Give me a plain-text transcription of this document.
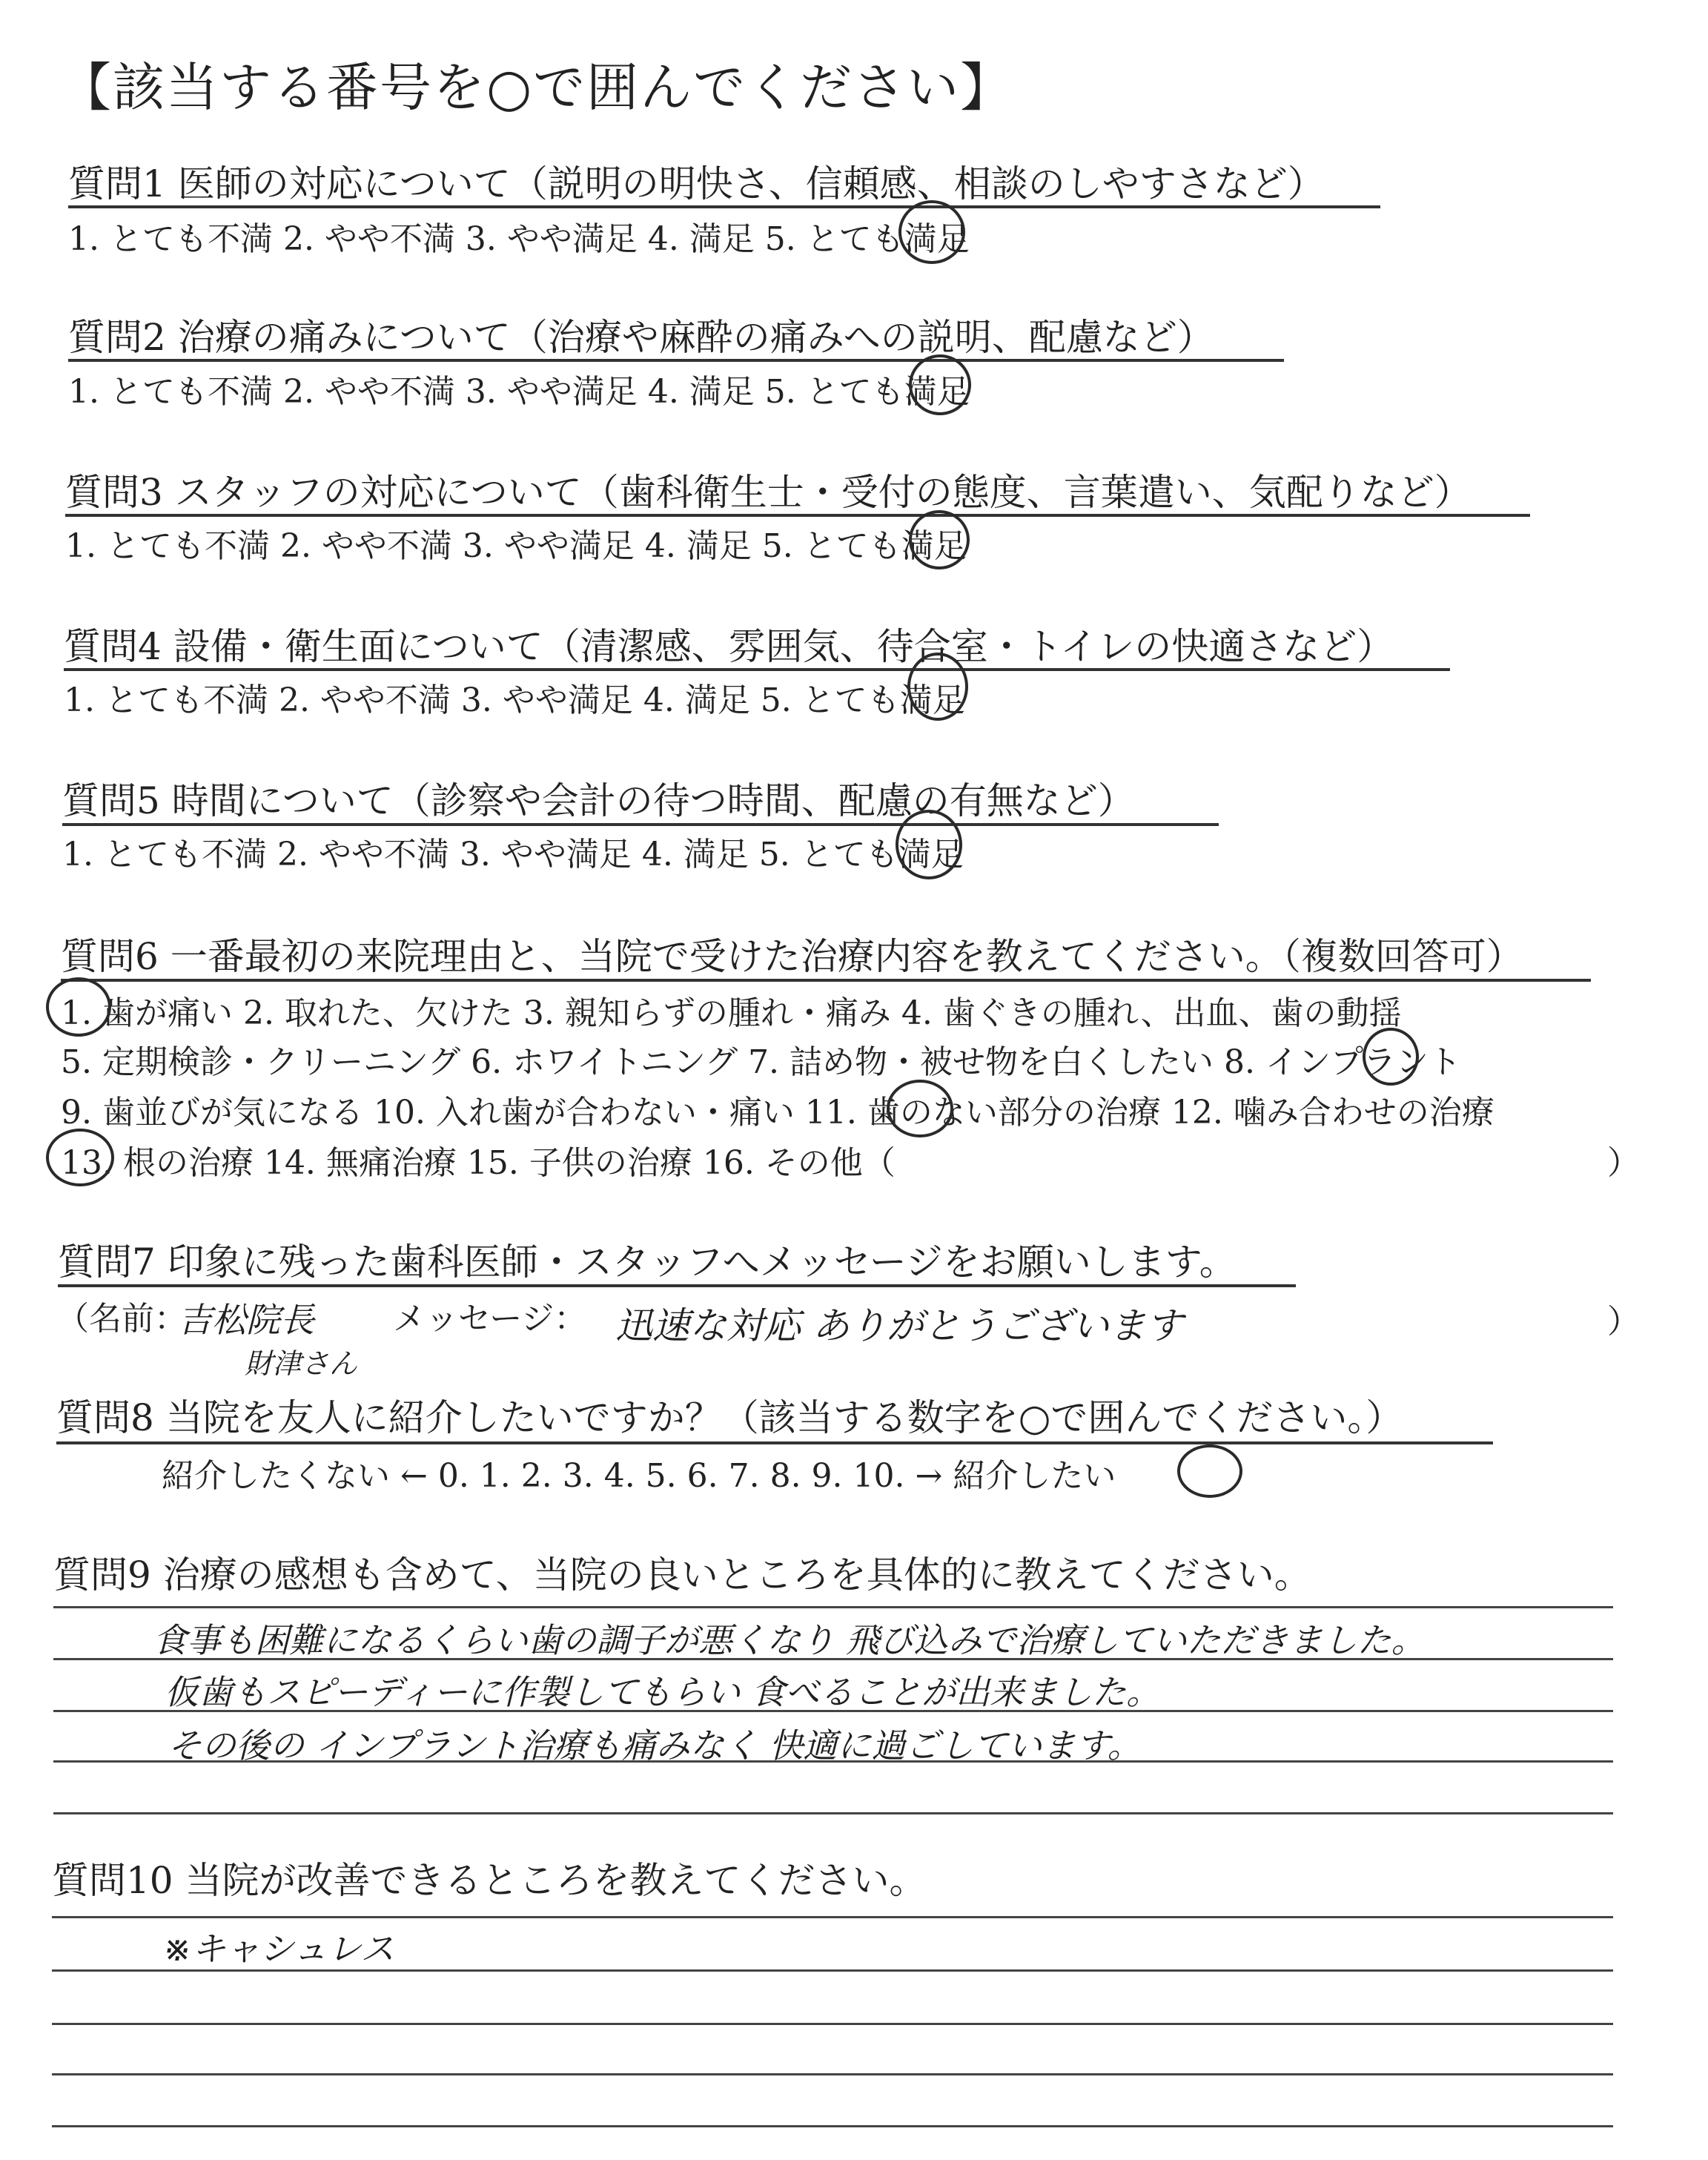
【該当する番号を○で囲んでください】
質問1 医師の対応について（説明の明快さ、信頼感、相談のしやすさなど）
1. とても不満 2. やや不満 3. やや満足 4. 満足 5. とても満足
質問2 治療の痛みについて（治療や麻酔の痛みへの説明、配慮など）
1. とても不満 2. やや不満 3. やや満足 4. 満足 5. とても満足
質問3 スタッフの対応について（歯科衛生士・受付の態度、言葉遣い、気配りなど）
1. とても不満 2. やや不満 3. やや満足 4. 満足 5. とても満足
質問4 設備・衛生面について（清潔感、雰囲気、待合室・トイレの快適さなど）
1. とても不満 2. やや不満 3. やや満足 4. 満足 5. とても満足
質問5 時間について（診察や会計の待つ時間、配慮の有無など）
1. とても不満 2. やや不満 3. やや満足 4. 満足 5. とても満足
質問6 一番最初の来院理由と、当院で受けた治療内容を教えてください。（複数回答可）
1. 歯が痛い 2. 取れた、欠けた 3. 親知らずの腫れ・痛み 4. 歯ぐきの腫れ、出血、歯の動揺
5. 定期検診・クリーニング 6. ホワイトニング 7. 詰め物・被せ物を白くしたい 8. インプラント
9. 歯並びが気になる 10. 入れ歯が合わない・痛い 11. 歯のない部分の治療 12. 噛み合わせの治療
13. 根の治療 14. 無痛治療 15. 子供の治療 16. その他（	）
質問7 印象に残った歯科医師・スタッフへメッセージをお願いします。
（名前：
吉松院長
財津さん
メッセージ： 迅速な対応 ありがとうございます	）
質問8 当院を友人に紹介したいですか？（該当する数字を○で囲んでください。）
紹介したくない ← 0. 1. 2. 3. 4. 5. 6. 7. 8. 9. 10. → 紹介したい
質問9 治療の感想も含めて、当院の良いところを具体的に教えてください。
食事も困難になるくらい歯の調子が悪くなり 飛び込みで治療していただきました。
仮歯もスピーディーに作製してもらい 食べることが出来ました。
その後の インプラント治療も痛みなく 快適に過ごしています。
質問10 当院が改善できるところを教えてください。
※キャシュレス
